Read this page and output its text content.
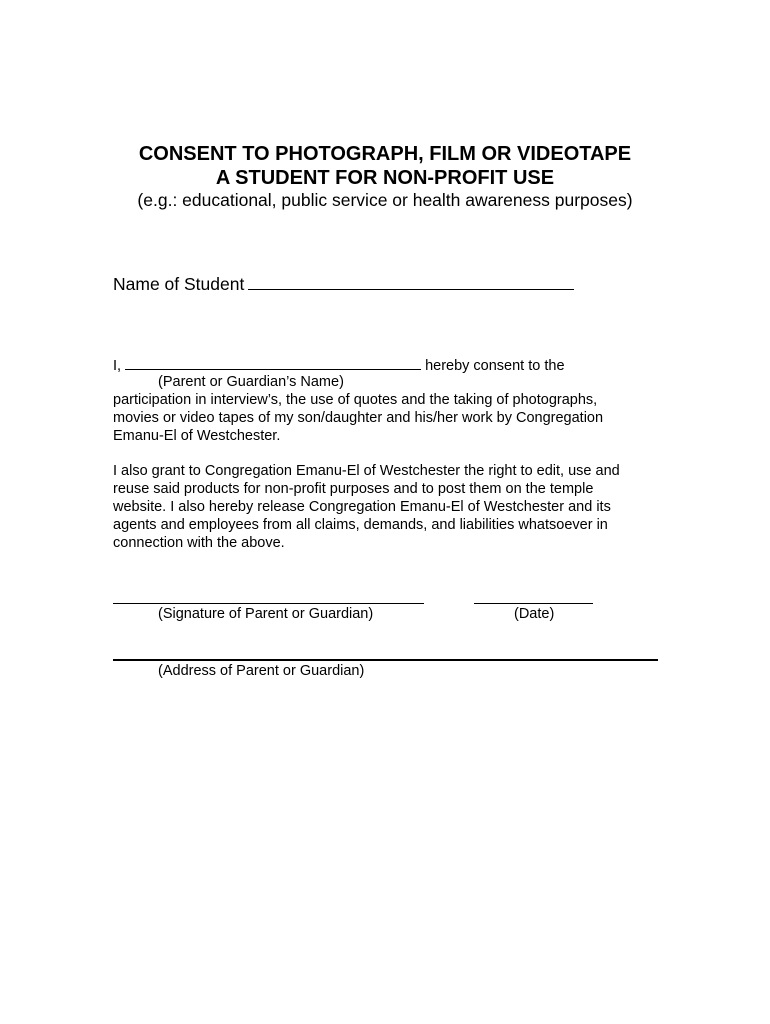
CONSENT TO PHOTOGRAPH, FILM OR VIDEOTAPE
A STUDENT FOR NON-PROFIT USE
(e.g.: educational, public service or health awareness purposes)
Name of Student
I,	hereby consent to the
(Parent or Guardian’s Name)
participation in interview’s, the use of quotes and the taking of photographs,
movies or video tapes of my son/daughter and his/her work by Congregation
Emanu-El of Westchester.
I also grant to Congregation Emanu-El of Westchester the right to edit, use and
reuse said products for non-profit purposes and to post them on the temple
website. I also hereby release Congregation Emanu-El of Westchester and its
agents and employees from all claims, demands, and liabilities whatsoever in
connection with the above.
(Signature of Parent or Guardian)	(Date)
(Address of Parent or Guardian)
